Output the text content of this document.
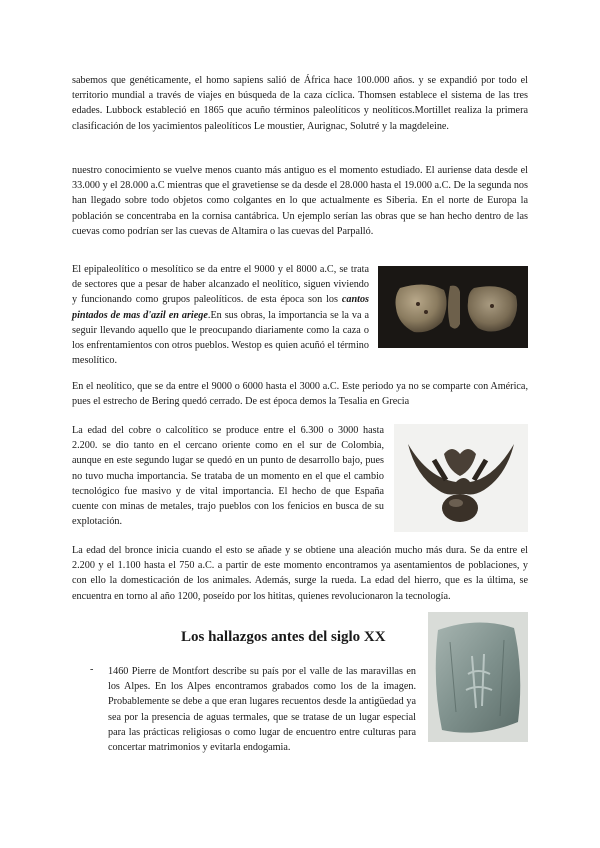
sabemos que genéticamente, el homo sapiens salió de África hace 100.000 años. y se expandió por todo el territorio mundial a través de viajes en búsqueda de la caza cíclica. Thomsen establece el sistema de las tres edades. Lubbock estableció en 1865 que acuño términos paleolíticos y neolíticos.Mortillet realiza la primera clasificación de los yacimientos paleolíticos Le moustier, Aurignac, Solutré y la magdeleine.

nuestro conocimiento se vuelve menos cuanto más antiguo es el momento estudiado. El auriense data desde el 33.000 y el 28.000 a.C mientras que el gravetiense se da desde el 28.000 hasta el 19.000 a.C. De la segunda nos han llegado sobre todo objetos como colgantes en lo que actualmente es Siberia. En el norte de Europa la población se concentraba en la cornisa cantábrica. Un ejemplo serían las obras que se han hecho dentro de las cuevas como podrían ser las cuevas de Altamira o las cuevas del Parpalló.

El epipaleolítico o mesolítico se da entre el 9000 y el 8000 a.C, se trata de sectores que a pesar de haber alcanzado el neolítico, siguen viviendo y funcionando como grupos paleolíticos. de esta época son los cantos pintados de mas d'azil en ariege.En sus obras, la importancia se la va a seguir llevando aquello que le preocupando diariamente como la caza o los enfrentamientos con otros pueblos. Westop es quien acuñó el término mesolítico.

En el neolítico, que se da entre el 9000 o 6000 hasta el 3000 a.C. Este periodo ya no se comparte con América, pues el estrecho de Bering quedó cerrado. De est época demos la Tesalia en Grecia

La edad del cobre o calcolítico se produce entre el 6.300 o 3000 hasta 2.200. se dio tanto en el cercano oriente como en el sur de Colombia, aunque en este segundo lugar se quedó en un punto de desarrollo bajo, pues no tuvo mucha importancia. Se trataba de un momento en el que el cambio tecnológico fue masivo y de vital importancia. El hecho de que España cuente con minas de metales, trajo pueblos con los fenicios en busca de su explotación.

La edad del bronce inicia cuando el esto se añade y se obtiene una aleación mucho más dura. Se da entre el 2.200 y el 1.100 hasta el 750 a.C. a partir de este momento encontramos ya asentamientos de poblaciones, y con ello la domesticación de los animales. Además, surge la rueda. La edad del hierro, que es la última, se encuentra en torno al año 1200, poseído por los hititas, quienes revolucionaron la tecnología.

Los hallazgos antes del siglo XX
- 1460 Pierre de Montfort describe su país por el valle de las maravillas en los Alpes. En los Alpes encontramos grabados como los de la imagen. Probablemente se debe a que eran lugares recuentos desde la antigüedad ya sea por la presencia de aguas termales, que se tratase de un lugar especial para las prácticas religiosas o como lugar de encuentro entre culturas para concertar matrimonios y evitarla endogamia.
